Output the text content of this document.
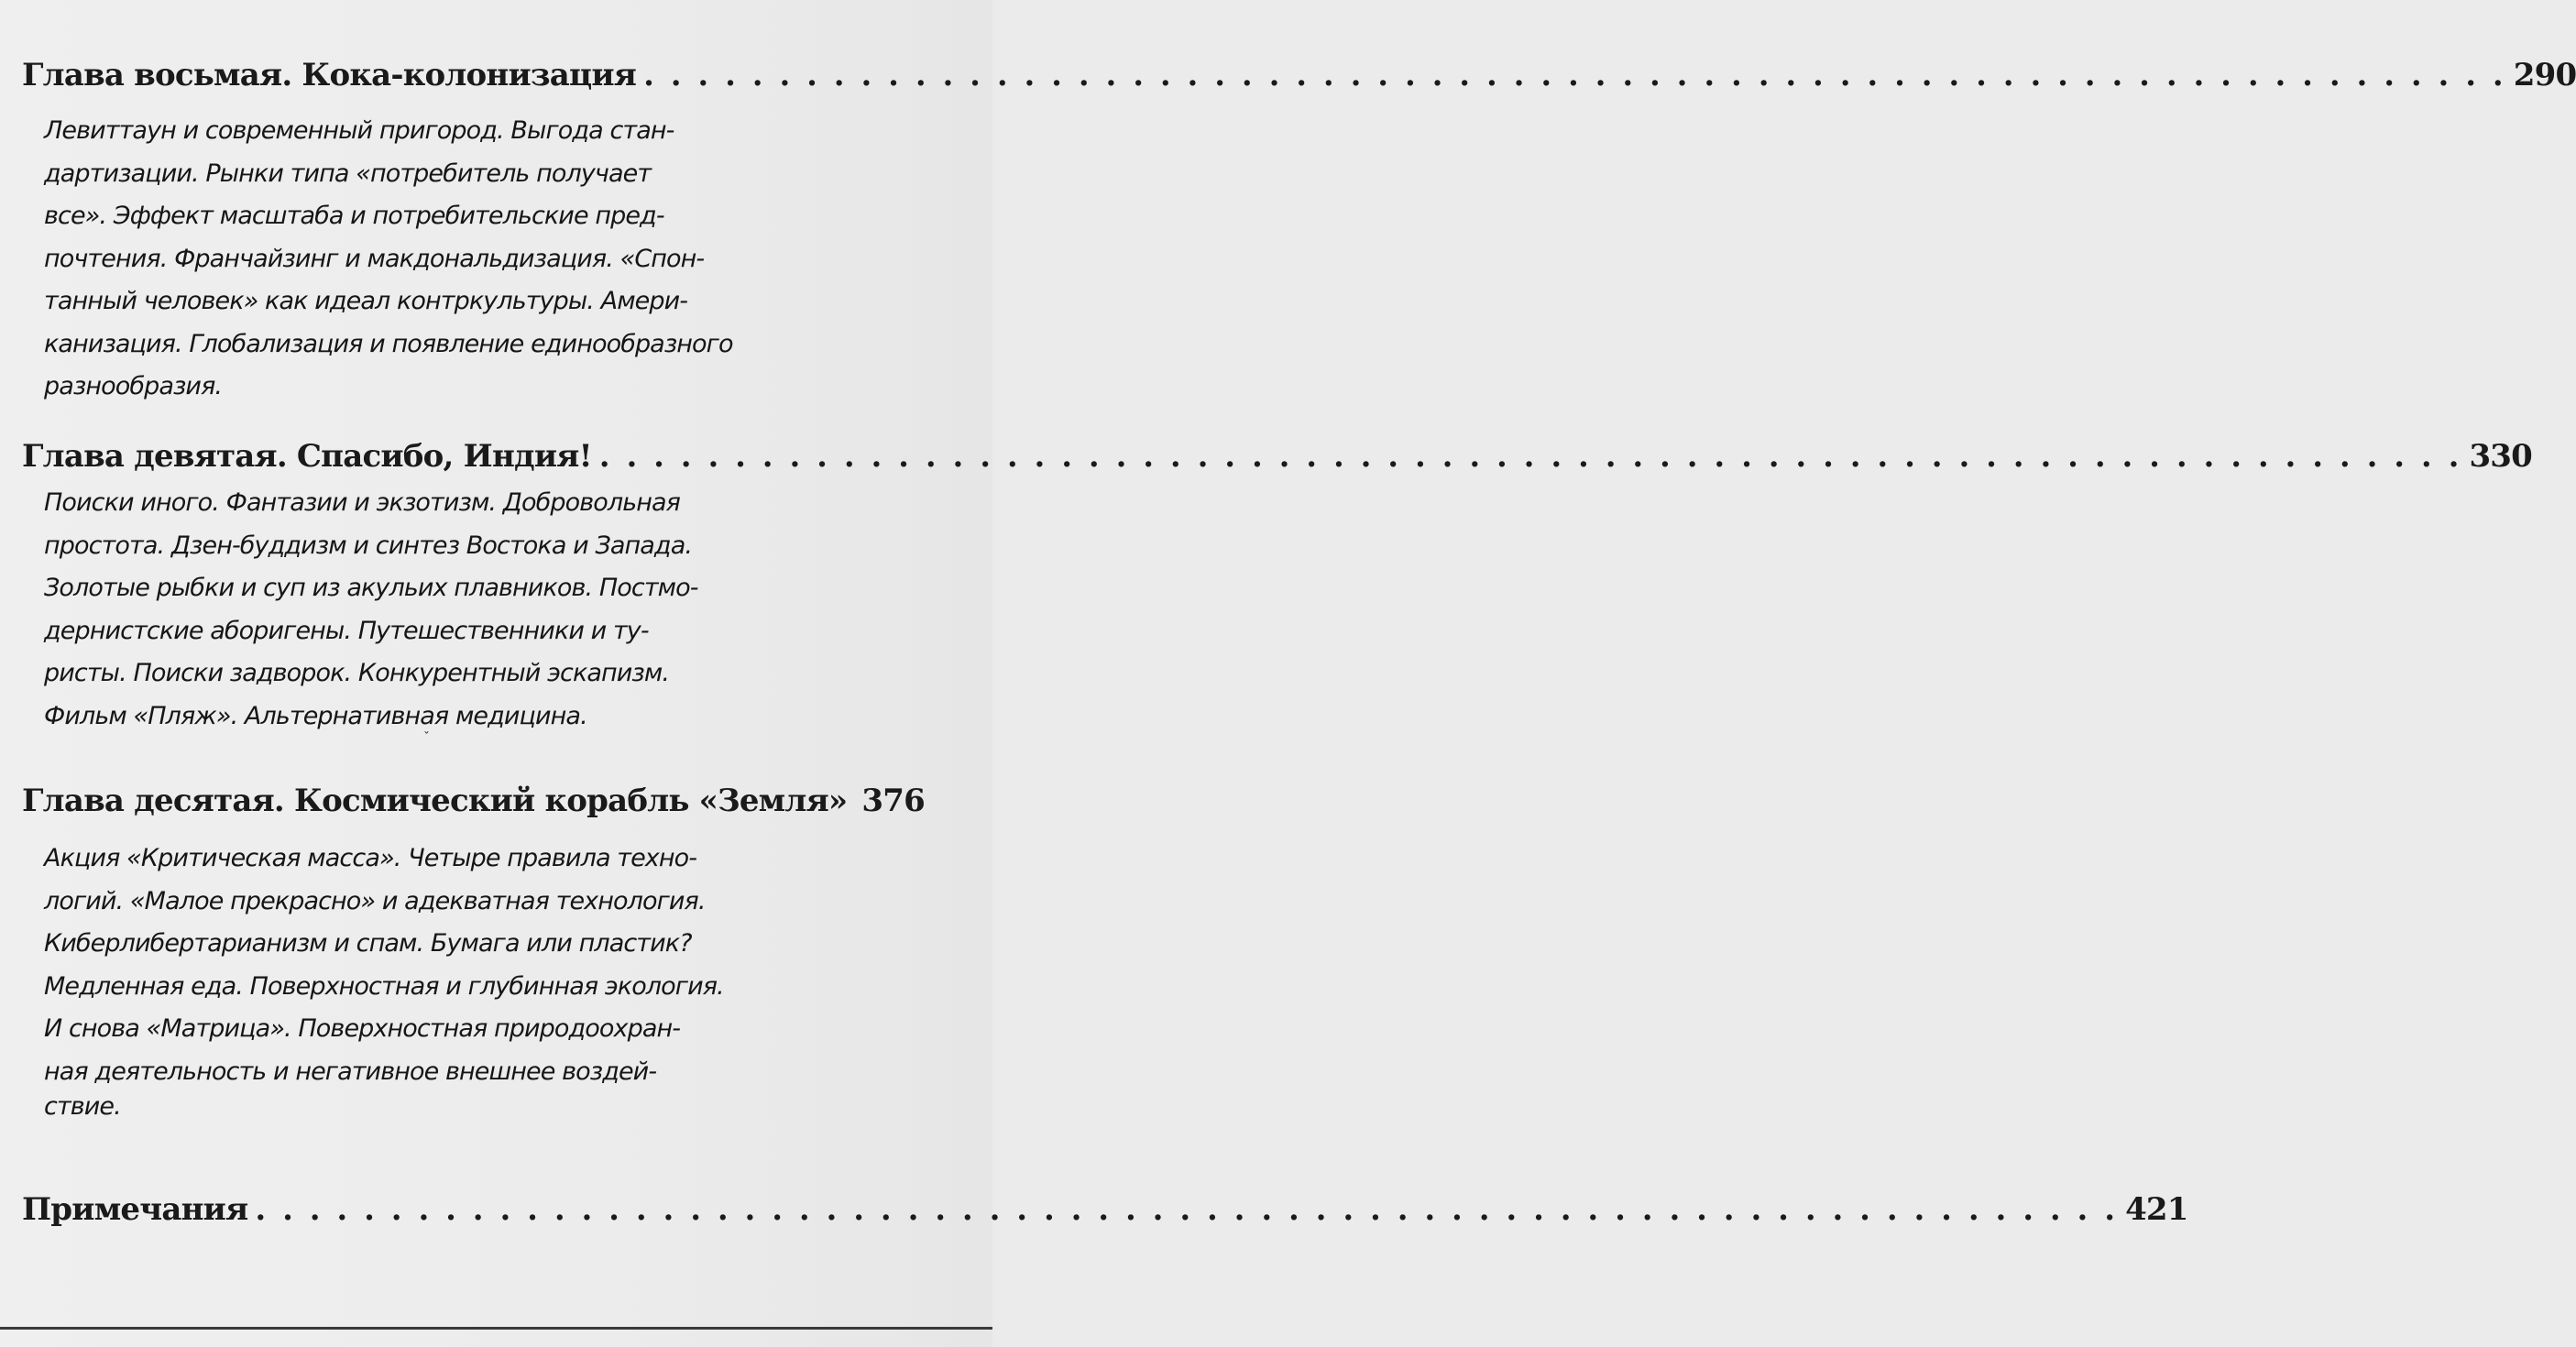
Глава восьмая. Кока-колонизация . . . . . . . . . . . . . . . . . . . . . . . . . . . . . . . . . . . . . . . . . . . . . . . . . . . . . . . . . . . . . . . . . . . . . 290
Левиттаун и современный пригород. Выгода стан-
дартизации. Рынки типа «потребитель получает
все». Эффект масштаба и потребительские пред-
почтения. Франчайзинг и макдональдизация. «Спон-
танный человек» как идеал контркультуры. Амери-
канизация. Глобализация и появление единообразного
разнообразия.
Глава девятая. Спасибо, Индия! . . . . . . . . . . . . . . . . . . . . . . . . . . . . . . . . . . . . . . . . . . . . . . . . . . . . . . . . . . . . . . . . . . . . . 330
Поиски иного. Фантазии и экзотизм. Добровольная
простота. Дзен-буддизм и синтез Востока и Запада.
Золотые рыбки и суп из акульих плавников. Постмо-
дернистские аборигены. Путешественники и ту-
ристы. Поиски задворок. Конкурентный эскапизм.
Фильм «Пляж». Альтернативная медицина.
ˇ
Глава десятая. Космический корабль «Земля» 376
Акция «Критическая масса». Четыре правила техно-
логий. «Малое прекрасно» и адекватная технология.
Киберлибертарианизм и спам. Бумага или пластик?
Медленная еда. Поверхностная и глубинная экология.
И снова «Матрица». Поверхностная природоохран-
ная деятельность и негативное внешнее воздей-
ствие.
Примечания . . . . . . . . . . . . . . . . . . . . . . . . . . . . . . . . . . . . . . . . . . . . . . . . . . . . . . . . . . . . . . . . . . . . . 421
